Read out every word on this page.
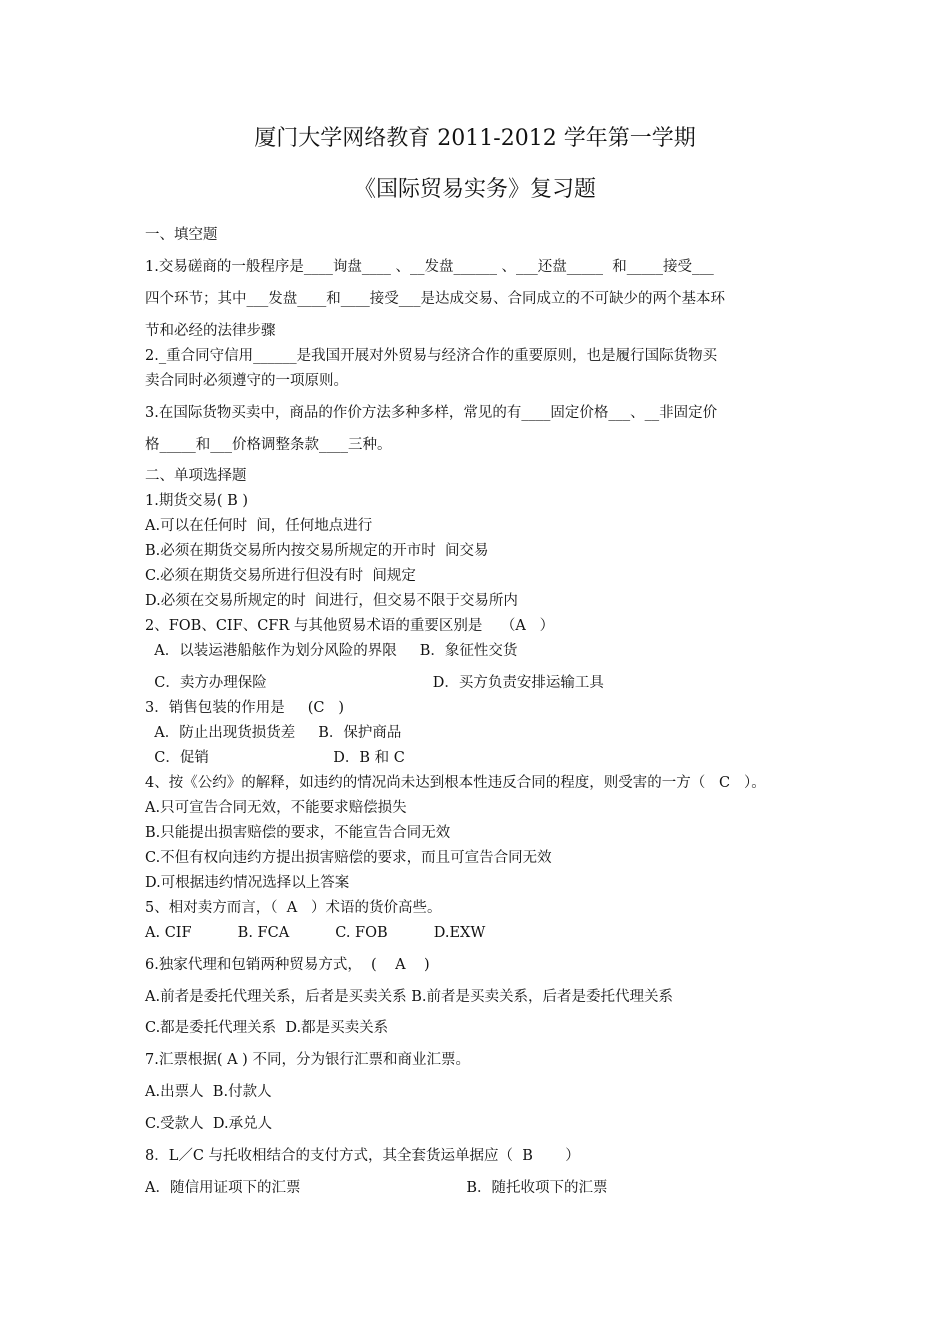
厦门大学网络教育 2011-2012 学年第一学期
《国际贸易实务》复习题
一、填空题
1.交易磋商的一般程序是____询盘____ 、__发盘______ 、___还盘_____  和_____接受___
四个环节；其中___发盘____和____接受___是达成交易、合同成立的不可缺少的两个基本环
节和必经的法律步骤
2._重合同守信用______是我国开展对外贸易与经济合作的重要原则，也是履行国际货物买
卖合同时必须遵守的一项原则。
3.在国际货物买卖中，商品的作价方法多种多样，常见的有____固定价格___、__非固定价
格_____和___价格调整条款____三种。
二、单项选择题
1.期货交易( B )
A.可以在任何时  间，任何地点进行
B.必须在期货交易所内按交易所规定的开市时  间交易
C.必须在期货交易所进行但没有时  间规定
D.必须在交易所规定的时  间进行，但交易不限于交易所内
2、FOB、CIF、CFR 与其他贸易术语的重要区别是    （A   ）
A．以装运港船舷作为划分风险的界限     B．象征性交货
C．卖方办理保险                                    D．买方负责安排运输工具
3．销售包装的作用是     (C   )
A．防止出现货损货差     B．保护商品
C．促销                           D．B 和 C
4、按《公约》的解释，如违约的情况尚未达到根本性违反合同的程度，则受害的一方（   C   ）。
A.只可宣告合同无效，不能要求赔偿损失
B.只能提出损害赔偿的要求，不能宣告合同无效
C.不但有权向违约方提出损害赔偿的要求，而且可宣告合同无效
D.可根据违约情况选择以上答案
5、相对卖方而言，（  A   ）术语的货价高些。
A. CIF          B. FCA          C. FOB          D.EXW
6.独家代理和包销两种贸易方式，  (    A    )
A.前者是委托代理关系，后者是买卖关系 B.前者是买卖关系，后者是委托代理关系
C.都是委托代理关系  D.都是买卖关系
7.汇票根据( A ) 不同，分为银行汇票和商业汇票。
A.出票人  B.付款人
C.受款人  D.承兑人
8．L／C 与托收相结合的支付方式，其全套货运单据应（  B       ）
A．随信用证项下的汇票                                    B．随托收项下的汇票
